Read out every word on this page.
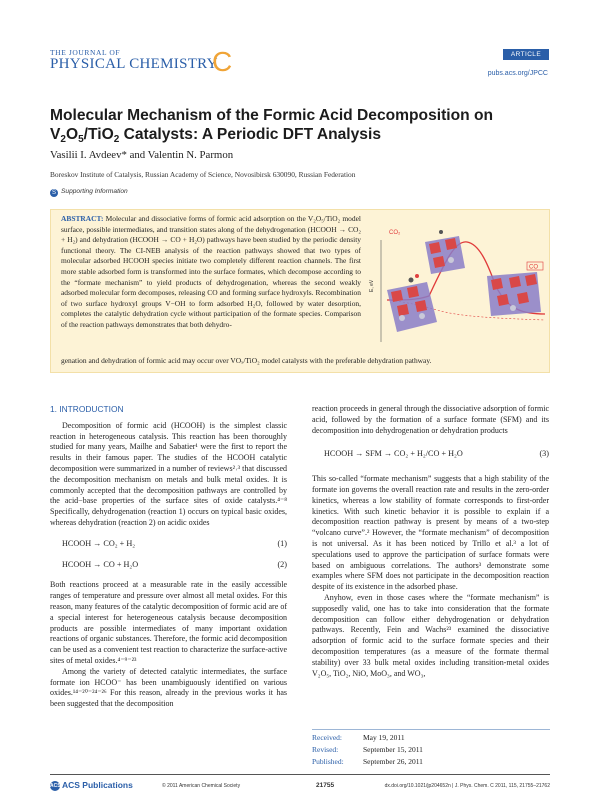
THE JOURNAL OF
PHYSICAL CHEMISTRY
C	ARTICLE
pubs.acs.org/JPCC
Molecular Mechanism of the Formic Acid Decomposition on
$V_2O_5/TiO_2$ Catalysts: A Periodic DFT Analysis
Vasilii I. Avdeev* and Valentin N. Parmon
Boreskov Institute of Catalysis, Russian Academy of Science, Novosibirsk 630090, Russian Federation
S Supporting Information
ABSTRACT: Molecular and dissociative forms of formic acid adsorption on the V₂O₅/TiO₂ model surface, possible intermediates, and transition states along of the dehydrogenation (HCOOH → CO₂ + H₂) and dehydration (HCOOH → CO + H₂O) pathways have been studied by the periodic density functional theory. The CI-NEB analysis of the reaction pathways showed that two types of molecular adsorbed HCOOH species initiate two completely different reaction channels. The first more stable adsorbed form is transformed into the surface formates, which decompose according to the “formate mechanism” to yield products of dehydrogenation, whereas the second weakly adsorbed molecular form decomposes, releasing CO and forming surface hydroxyls. Recombination of two surface hydroxyl groups V−OH to form adsorbed H₂O, followed by water desorption, completes the catalytic dehydration cycle without participation of the formate species. Comparison of the reaction pathways demonstrates that both dehydro-
genation and dehydration of formic acid may occur over VOₓ/TiO₂ model catalysts with the preferable dehydration pathway.
E, eV
CO
CO₂
1. INTRODUCTION

Decomposition of formic acid (HCOOH) is the simplest classic reaction in heterogeneous catalysis. This reaction has been thoroughly studied for many years, Mailhe and Sabatier¹ were the first to report the results in their famous paper. The studies of the HCOOH catalytic decomposition were summarized in a number of reviews²˒³ that discussed the decomposition mechanism on metals and bulk metal oxides. It is commonly accepted that the decomposition pathways are controlled by the acid−base properties of the surface sites of oxide catalysts.⁴⁻⁸ Specifically, dehydrogenation (reaction 1) occurs on typical basic oxides, whereas dehydration (reaction 2) on acidic oxides

HCOOH → CO₂ + H₂	(1)
HCOOH → CO + H₂O	(2)

Both reactions proceed at a measurable rate in the easily accessible ranges of temperature and pressure over almost all metal oxides. For this reason, many features of the catalytic decomposition of formic acid are of a special interest for heterogeneous catalysis because decomposition products are possible intermediates of many important oxidation reactions of organic substances. Therefore, the formic acid decomposition can be used as a convenient test reaction to characterize the surface-active sites of metal oxides.⁴⁻⁹⁻²³

Among the variety of detected catalytic intermediates, the surface formate ion HCOO⁻ has been unambiguously identified on various oxides.¹⁴⁻²⁰⁻²⁴⁻²⁶ For this reason, already in the previous works it has been suggested that the decomposition

reaction proceeds in general through the dissociative adsorption of formic acid, followed by the formation of a surface formate (SFM) and its decomposition into dehydrogenation or dehydration products

HCOOH → SFM → CO₂ + H₂/CO + H₂O	(3)

This so-called “formate mechanism” suggests that a high stability of the formate ion governs the overall reaction rate and results in the zero-order kinetics, whereas a low stability of formate corresponds to first-order kinetics. With such kinetic behavior it is possible to explain if a decomposition reaction pathway is present by means of a two-step “volcano curve”.² However, the “formate mechanism” of decomposition is not universal. As it has been noticed by Trillo et al.³ a lot of speculations used to approve the participation of surface formats were based on ambiguous correlations. The authors³ demonstrate some examples where SFM does not participate in the decomposition reaction despite of its existence in the adsorbed phase.

Anyhow, even in those cases where the “formate mechanism” is supposedly valid, one has to take into consideration that the formate decomposition can follow either dehydrogenation or dehydration pathways. Recently, Fein and Wachs²³ examined the dissociative adsorption of formic acid to the surface formate species and their decomposition temperatures (as a measure of the formate thermal stability) over 33 bulk metal oxides including transition-metal oxides V₂O₅, TiO₂, NiO, MoO₃, and WO₃,

Received:	May 19, 2011
Revised:	September 15, 2011
Published:	September 26, 2011
ACSACS Publications	© 2011 American Chemical Society	21755	dx.doi.org/10.1021/jp204652n | J. Phys. Chem. C 2011, 115, 21755–21762
